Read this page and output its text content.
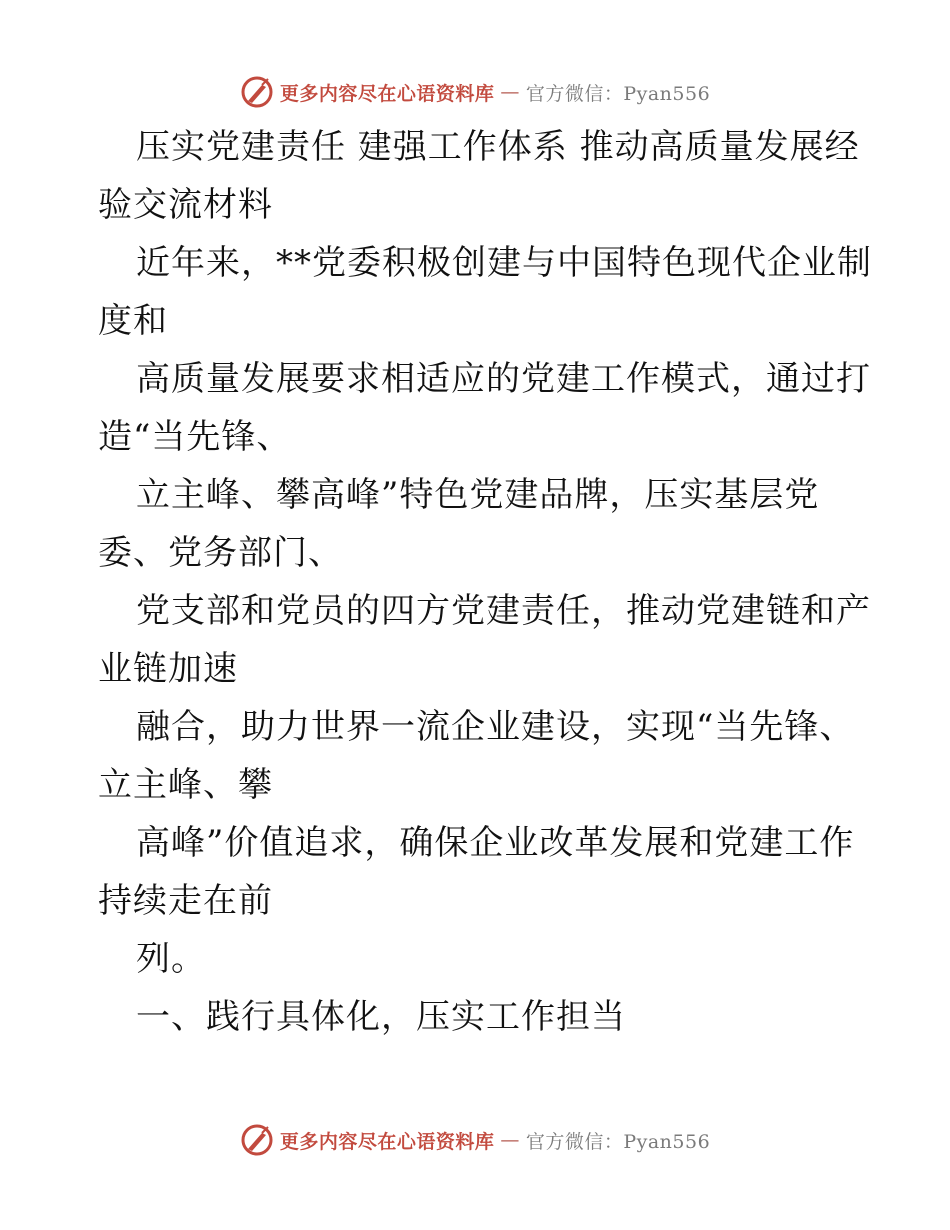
更多内容尽在心语资料库 — 官方微信：Pyan556
压实党建责任 建强工作体系 推动高质量发展经
验交流材料
近年来，**党委积极创建与中国特色现代企业制
度和
高质量发展要求相适应的党建工作模式，通过打
造“当先锋、
立主峰、攀高峰”特色党建品牌，压实基层党
委、党务部门、
党支部和党员的四方党建责任，推动党建链和产
业链加速
融合，助力世界一流企业建设，实现“当先锋、
立主峰、攀
高峰”价值追求，确保企业改革发展和党建工作
持续走在前
列。
一、践行具体化，压实工作担当
更多内容尽在心语资料库 — 官方微信：Pyan556
